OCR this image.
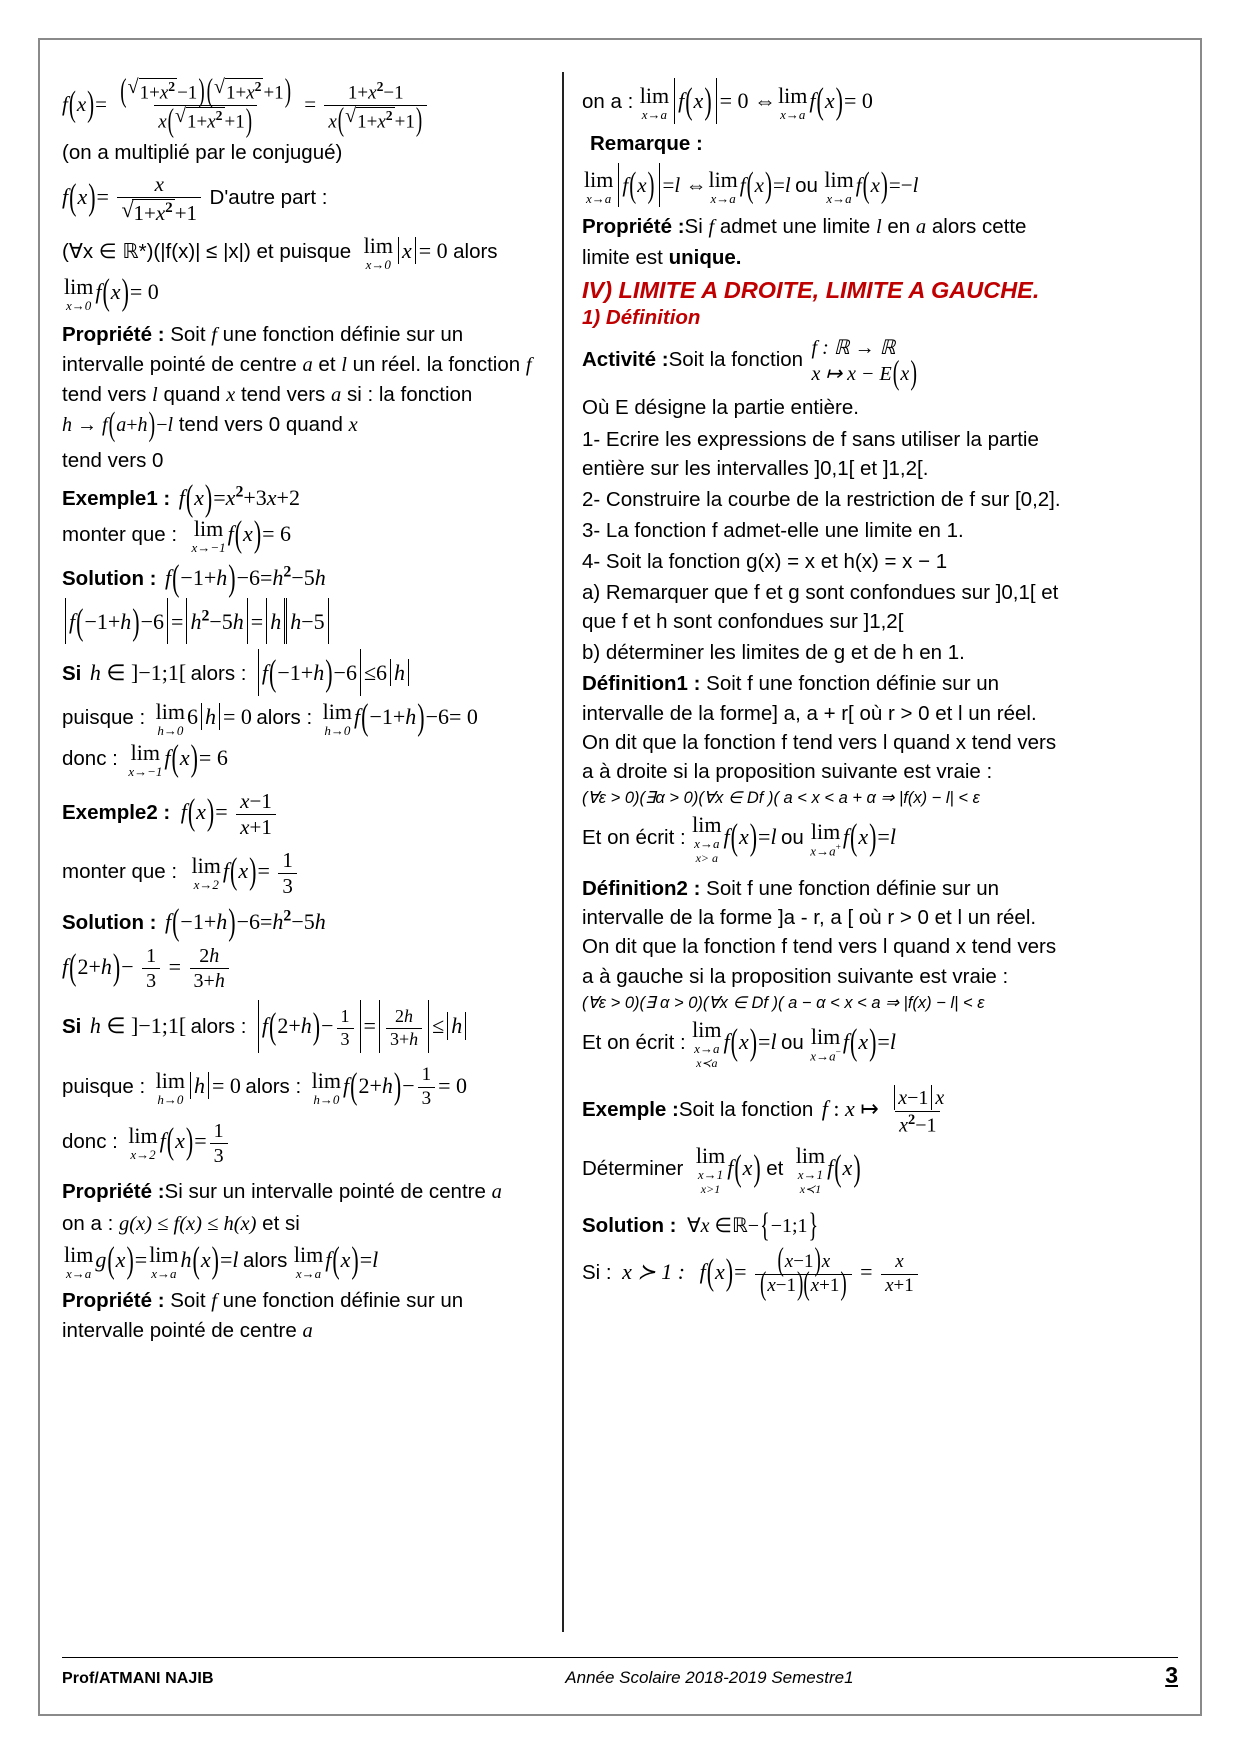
$f(x)= \frac{( √ 1+x^2 -1) ( √ 1+x^2 +1)}{x( √ 1+x^2 +1)} = \frac{1+x^2-1}{x( √ 1+x^2 +1)}$

(on a multiplié par le conjugué)

f(x)= x
√ $1+x^2+1$ D'autre part :
(∀x ∈ ℝ*)(|f(x)| ≤ |x|) et puisque lim
x→0
x = 0 alors
lim
x→0
f(x)= 0

Propriété : Soit f une fonction définie sur un intervalle pointé de centre a et l un réel. la fonction f tend vers l quand x tend vers a si : la fonction h → f(a+h)−l tend vers 0 quand x

tend vers 0

Exemple1 : $f(x)=x^2+3x+2$
monter que : lim
x→−1
f(x)= 6
Solution : $f(-1+h)-6=h^2-5h$
$f(-1+h)-6 = h^2-5h = h$ h−5
Si h ∈ ]−1;1[ alors : f(−1+h)−6 ≤6 h
puisque : lim
h→0
6 h = 0 alors : lim
h→0
f(−1+h)−6= 0
donc : lim
x→−1
f(x)= 6
Exemple2 : $f(x)= \frac{x-1}{x+1}$
monter que : lim
x→2
$f(x)= \frac{1}{3}$
Solution : $f(-1+h)-6=h^2-5h$
$f(2+h)- \frac{1}{3} = \frac{2h}{3+h}$
Si h ∈ ]−1;1[ alors : $f(2+h)- \frac{1}{3} = \frac{2h}{3+h} \le h$
puisque : lim
h→0
h = 0 alors : lim
h→0
$f(2+h)- \frac{1}{3} = 0$
donc : lim
x→2
$f(x)= \frac{1}{3}$

Propriété :Si sur un intervalle pointé de centre a

on a : g(x) ≤ f(x) ≤ h(x) et si

lim
x→a
g(x)= lim
x→a
h(x)=l alors lim
x→a
f(x)=l

Propriété : Soit f une fonction définie sur un intervalle pointé de centre a

on a : lim
x→a
f(x) = 0 ⇔ lim
x→a
f(x)= 0

Remarque :

lim
x→a
f(x) =l ⇔ lim
x→a
f(x)=l ou lim
x→a
f(x)=−l

Propriété :Si f admet une limite l en a alors cette limite est unique.

IV) LIMITE A DROITE, LIMITE A GAUCHE.
1) Définition
Activité :Soit la fonction f : ℝ → ℝ
x ↦ x − E(x)

Où E désigne la partie entière.

1- Ecrire les expressions de f sans utiliser la partie entière sur les intervalles ]0,1[ et ]1,2[.

2- Construire la courbe de la restriction de f sur [0,2].

3- La fonction f admet-elle une limite en 1.

4- Soit la fonction g(x) = x et h(x) = x − 1

a) Remarquer que f et g sont confondues sur ]0,1[ et que f et h sont confondues sur ]1,2[

b) déterminer les limites de g et de h en 1.

Définition1 : Soit f une fonction définie sur un intervalle de la forme] a, a + r[ où r > 0 et l un réel. On dit que la fonction f tend vers l quand x tend vers a à droite si la proposition suivante est vraie :

(∀ε > 0)(∃α > 0)(∀x ∈ Df )( a < x < a + α ⇒ |f(x) − l| < ε

Et on écrit :
lim
x→a
x> a
f(x)=l ou lim
x→a+ f(x)=l

Définition2 : Soit f une fonction définie sur un intervalle de la forme ]a - r, a [ où r > 0 et l un réel. On dit que la fonction f tend vers l quand x tend vers a à gauche si la proposition suivante est vraie :

(∀ε > 0)(∃ α > 0)(∀x ∈ Df )( a − α < x < a ⇒ |f(x) − l| < ε

Et on écrit :
lim
x→a
x≺a
f(x)=l ou lim
x→a− f(x)=l
Exemple :Soit la fonction f : x ↦ $\frac{x-1 x}{x^2-1}$
Déterminer
lim
x→1
x>1
f(x) et
lim
x→1
x≺1
f(x)
Solution : ∀x ∈ℝ−{−1;1}
Si : x ≻ 1 : $f(x)= \frac{(x-1)x}{(x-1)(x+1)} = \frac{x}{x+1}$
Prof/ATMANI NAJIB	Année Scolaire 2018-2019 Semestre1	3
